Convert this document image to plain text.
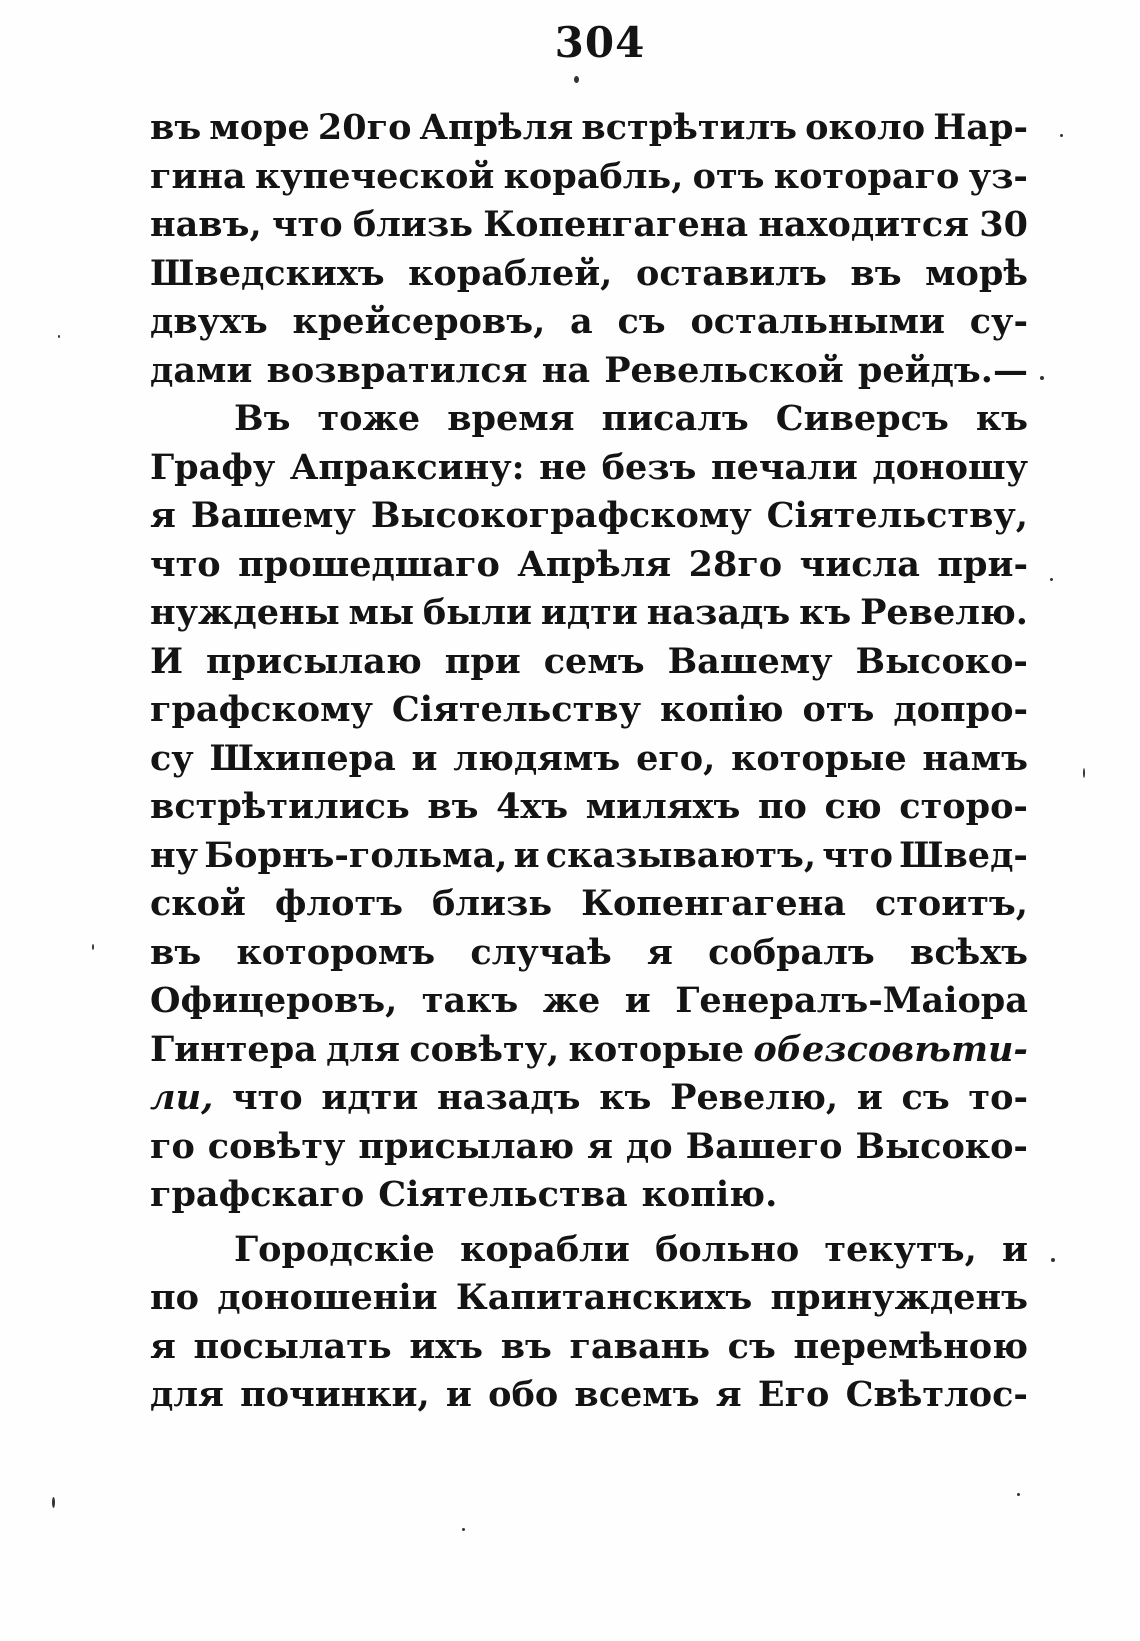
304
въ море 20го Апрѣля встрѣтилъ около Нар-
гина купеческой корабль, отъ котораго уз-
навъ, что близь Копенгагена находится 30
Шведскихъ кораблей, оставилъ въ морѣ
двухъ крейсеровъ, а съ остальными су-
дами возвратился на Ревельской рейдъ.—
Въ тоже время писалъ Сиверсъ къ
Графу Апраксину: не безъ печали доношу
я Вашему Высокографскому Сіятельству,
что прошедшаго Апрѣля 28го числа при-
нуждены мы были идти назадъ къ Ревелю.
И присылаю при семъ Вашему Высоко-
графскому Сіятельству копію отъ допро-
су Шхипера и людямъ его, которые намъ
встрѣтились въ 4хъ миляхъ по сю сторо-
ну Борнъ-гольма, и сказываютъ, что Швед-
ской флотъ близь Копенгагена стоитъ,
въ которомъ случаѣ я собралъ всѣхъ
Офицеровъ, такъ же и Генералъ-Маіора
Гинтера для совѣту, которые обезсовѣти-
ли, что идти назадъ къ Ревелю, и съ то-
го совѣту присылаю я до Вашего Высоко-
графскаго Сіятельства копію.
Городскіе корабли больно текутъ, и
по доношеніи Капитанскихъ принужденъ
я посылать ихъ въ гавань съ перемѣною
для починки, и обо всемъ я Его Свѣтлос-
